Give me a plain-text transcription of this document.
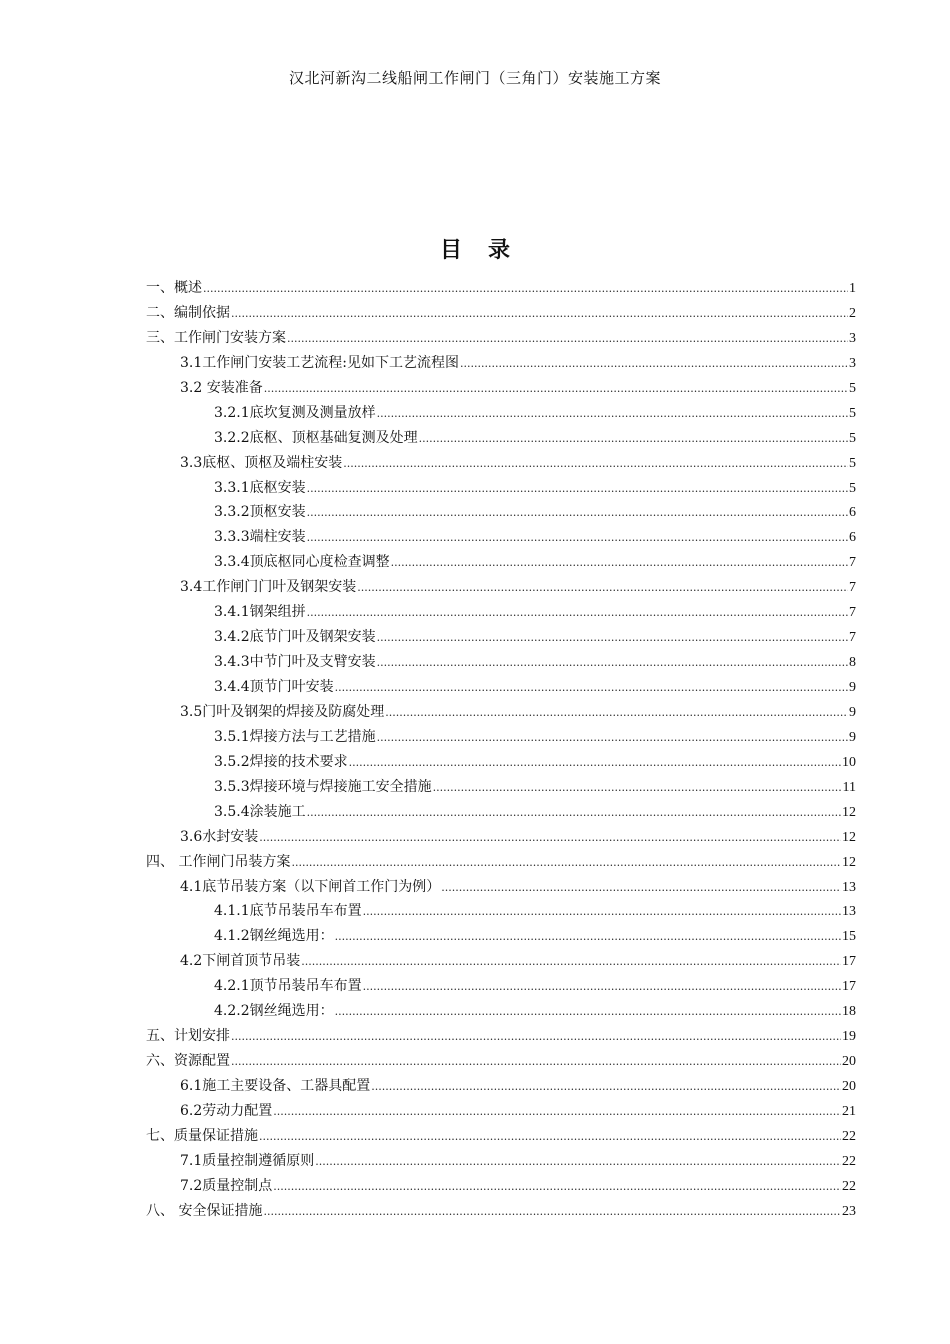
汉北河新沟二线船闸工作闸门（三角门）安装施工方案
目录
一、概述 .....	1
二、编制依据 .....	2
三、工作闸门安装方案 .....	3
3.1工作闸门安装工艺流程:见如下工艺流程图 .....	3
3.2 安装准备 .....	5
3.2.1底坎复测及测量放样 .....	5
3.2.2底枢、顶枢基础复测及处理 .....	5
3.3底枢、顶枢及端柱安装 .....	5
3.3.1底枢安装 .....	5
3.3.2顶枢安装 .....	6
3.3.3端柱安装 .....	6
3.3.4顶底枢同心度检查调整 .....	7
3.4工作闸门门叶及钢架安装 .....	7
3.4.1钢架组拼 .....	7
3.4.2底节门叶及钢架安装 .....	7
3.4.3中节门叶及支臂安装 .....	8
3.4.4顶节门叶安装 .....	9
3.5门叶及钢架的焊接及防腐处理 .....	9
3.5.1焊接方法与工艺措施 .....	9
3.5.2焊接的技术要求 .....	10
3.5.3焊接环境与焊接施工安全措施 .....	11
3.5.4涂装施工 .....	12
3.6水封安装 .....	12
四、 工作闸门吊装方案 .....	12
4.1底节吊装方案（以下闸首工作门为例） .....	13
4.1.1底节吊装吊车布置 .....	13
4.1.2钢丝绳选用： .....	15
4.2下闸首顶节吊装 .....	17
4.2.1顶节吊装吊车布置 .....	17
4.2.2钢丝绳选用： .....	18
五、计划安排 .....	19
六、资源配置 .....	20
6.1施工主要设备、工器具配置 .....	20
6.2劳动力配置 .....	21
七、质量保证措施 .....	22
7.1质量控制遵循原则 .....	22
7.2质量控制点 .....	22
八、 安全保证措施 .....	23
